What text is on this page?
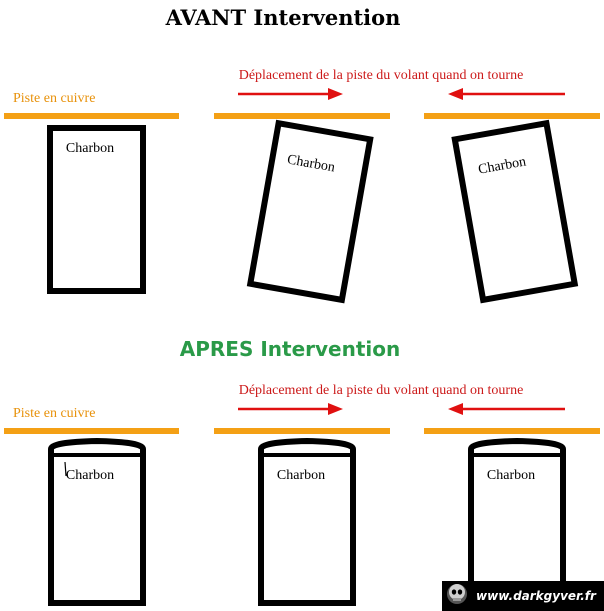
AVANT Intervention
Piste en cuivre
Déplacement de la piste du volant quand on tourne
Charbon
Charbon	Charbon
APRES Intervention
Piste en cuivre
Déplacement de la piste du volant quand on tourne
Charbon	Charbon	Charbon
www.darkgyver.fr
